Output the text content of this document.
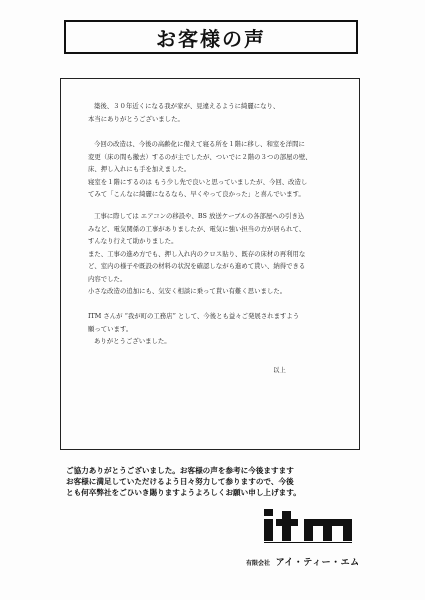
お客様の声

築後、３０年近くになる我が家が、見違えるように綺麗になり、

本当にありがとうございました。

今回の改造は、今後の高齢化に備えて寝る所を１階に移し、和室を洋間に

変更（床の間も撤去）するのが主でしたが、ついでに２階の３つの部屋の壁、

床、押し入れにも手を加えました。

寝室を１階にするのは もう少し先で良いと思っていましたが、今回、改造し

てみて「こんなに綺麗になるなら、早くやって良かった」と喜んでいます。

工事に際しては エアコンの移設や、BS 放送ケーブルの各部屋への引き込

みなど、電気関係の工事がありましたが、電気に強い担当の方が居られて、

すんなり行えて助かりました。

また、工事の進め方でも、押し入れ内のクロス貼り、既存の床材の再利用な

ど、室内の様子や既設の材料の状況を確認しながら進めて貰い、納得できる

内容でした。

小さな改造の追加にも、気安く相談に乗って貰い有難く思いました。

ITM さんが “我が町の工務店” として、今後とも益々ご発展されますよう

願っています。

ありがとうございました。

以上

ご協力ありがとうございました。お客様の声を参考に今後ますます

お客様に満足していただけるよう日々努力して参りますので、今後

とも何卒弊社をごひいき賜りますようよろしくお願い申し上げます。

有限会社 アイ・ティー・エム
